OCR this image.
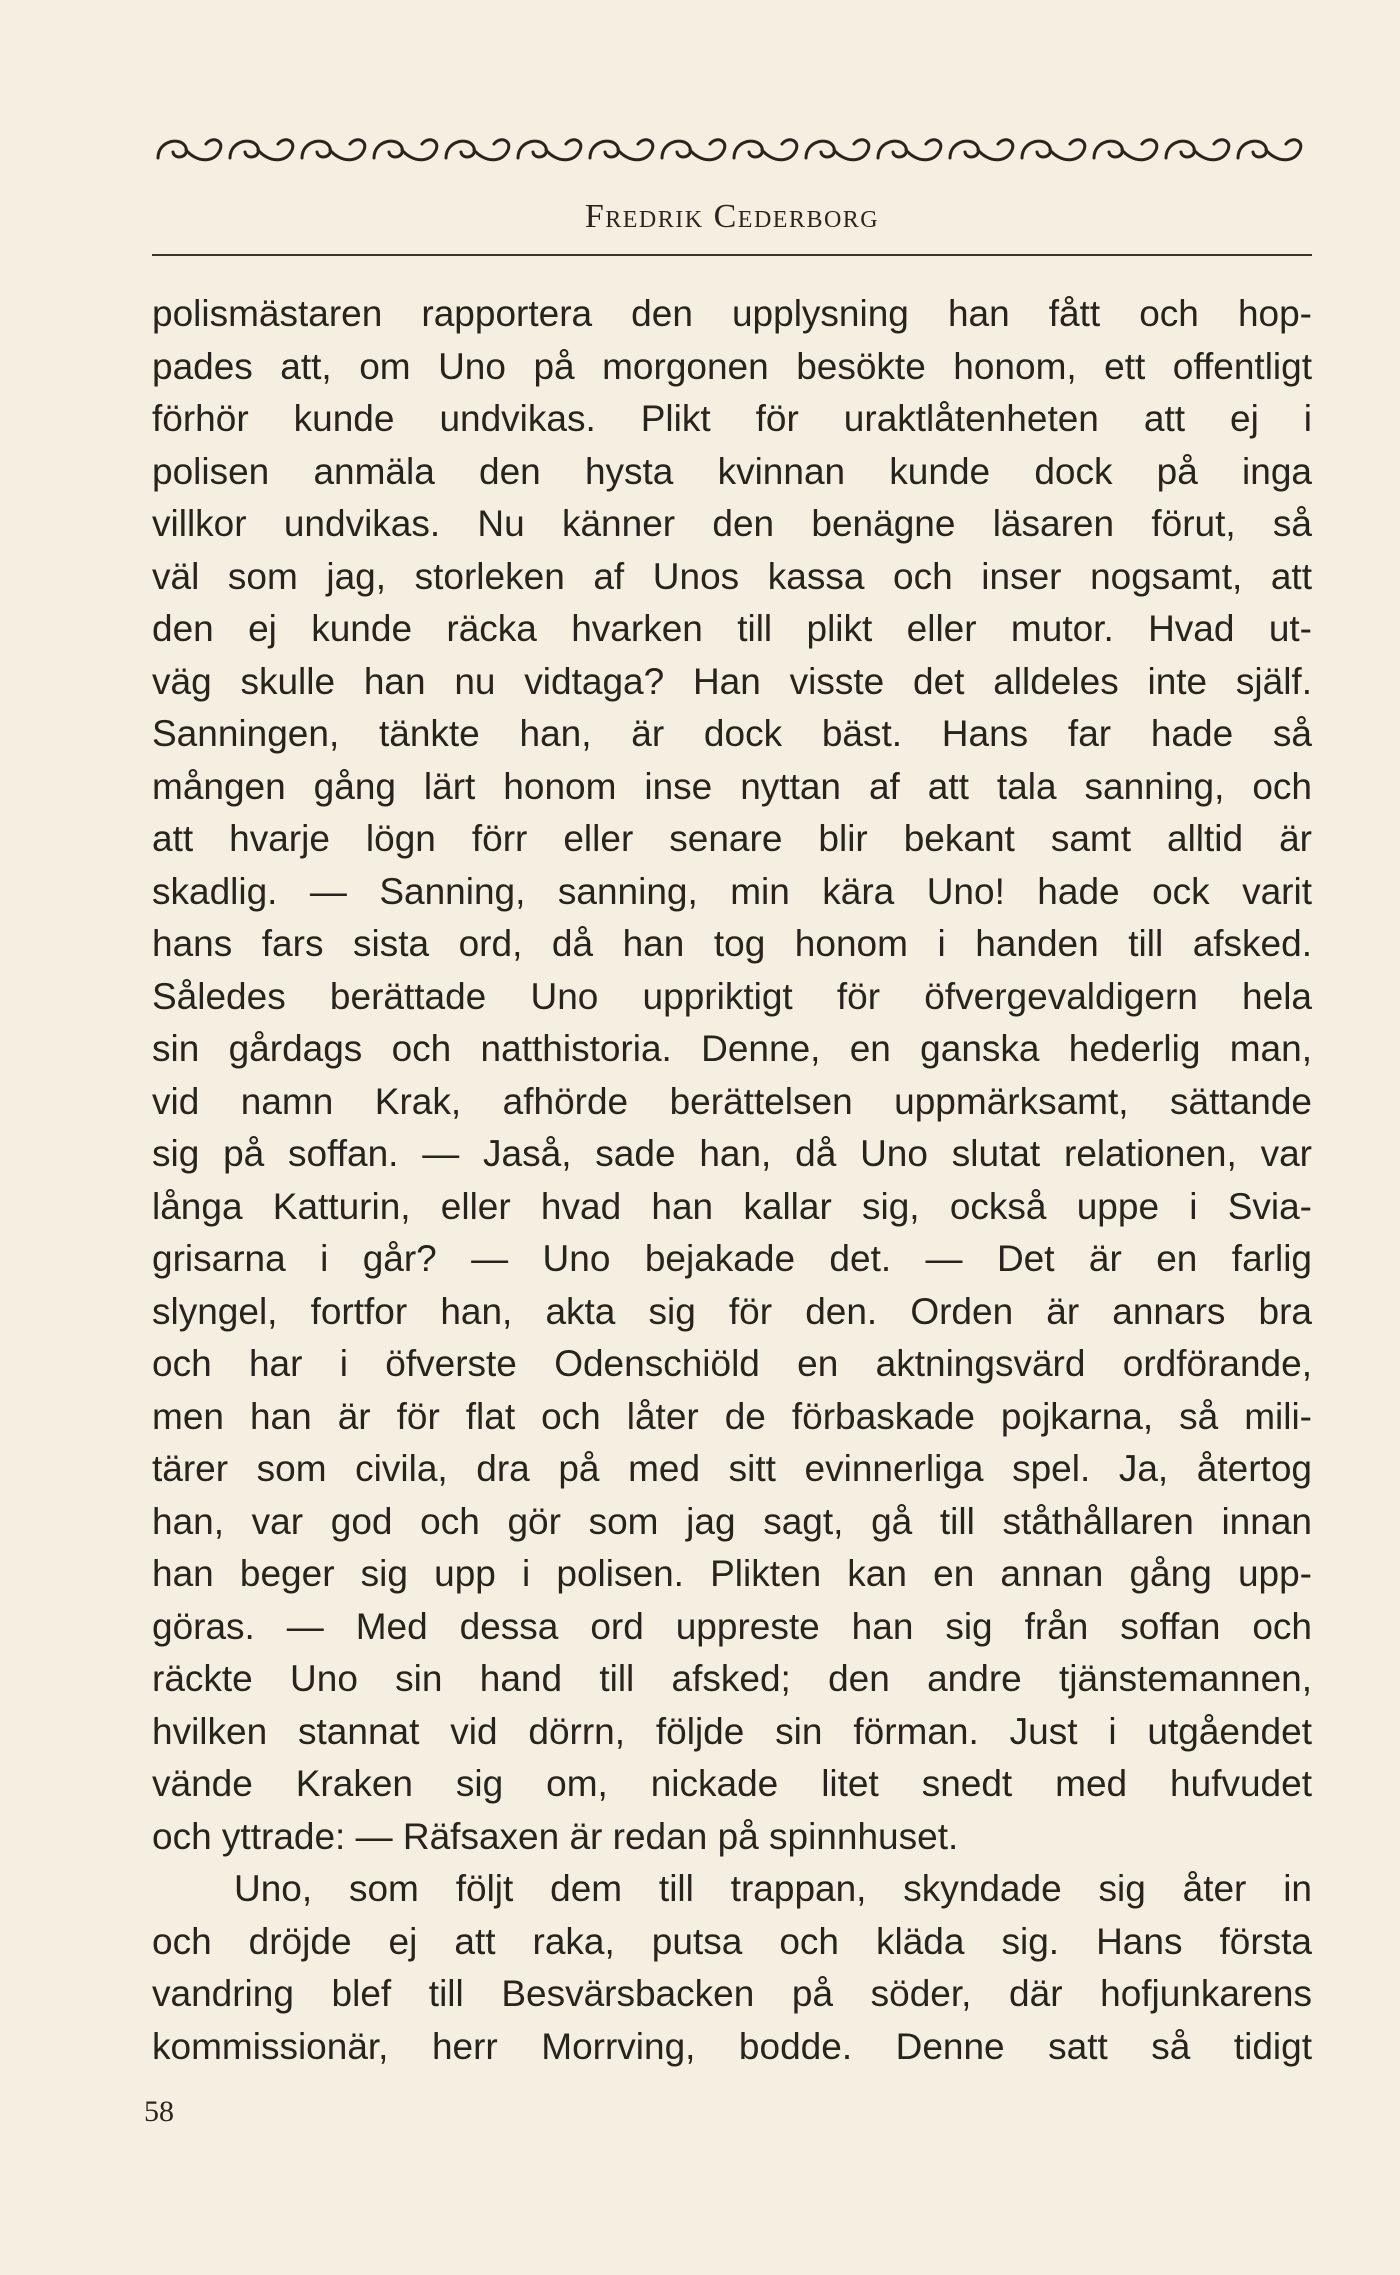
Fredrik Cederborg
polismästaren rapportera den upplysning han fått och hop-
pades att, om Uno på morgonen besökte honom, ett offentligt
förhör kunde undvikas. Plikt för uraktlåtenheten att ej i
polisen anmäla den hysta kvinnan kunde dock på inga
villkor undvikas. Nu känner den benägne läsaren förut, så
väl som jag, storleken af Unos kassa och inser nogsamt, att
den ej kunde räcka hvarken till plikt eller mutor. Hvad ut-
väg skulle han nu vidtaga? Han visste det alldeles inte själf.
Sanningen, tänkte han, är dock bäst. Hans far hade så
mången gång lärt honom inse nyttan af att tala sanning, och
att hvarje lögn förr eller senare blir bekant samt alltid är
skadlig. — Sanning, sanning, min kära Uno! hade ock varit
hans fars sista ord, då han tog honom i handen till afsked.
Således berättade Uno uppriktigt för öfvergevaldigern hela
sin gårdags och natthistoria. Denne, en ganska hederlig man,
vid namn Krak, afhörde berättelsen uppmärksamt, sättande
sig på soffan. — Jaså, sade han, då Uno slutat relationen, var
långa Katturin, eller hvad han kallar sig, också uppe i Svia-
grisarna i går? — Uno bejakade det. — Det är en farlig
slyngel, fortfor han, akta sig för den. Orden är annars bra
och har i öfverste Odenschiöld en aktningsvärd ordförande,
men han är för flat och låter de förbaskade pojkarna, så mili-
tärer som civila, dra på med sitt evinnerliga spel. Ja, återtog
han, var god och gör som jag sagt, gå till ståthållaren innan
han beger sig upp i polisen. Plikten kan en annan gång upp-
göras. — Med dessa ord uppreste han sig från soffan och
räckte Uno sin hand till afsked; den andre tjänstemannen,
hvilken stannat vid dörrn, följde sin förman. Just i utgåendet
vände Kraken sig om, nickade litet snedt med hufvudet
och yttrade: — Räfsaxen är redan på spinnhuset.
Uno, som följt dem till trappan, skyndade sig åter in
och dröjde ej att raka, putsa och kläda sig. Hans första
vandring blef till Besvärsbacken på söder, där hofjunkarens
kommissionär, herr Morrving, bodde. Denne satt så tidigt
58
